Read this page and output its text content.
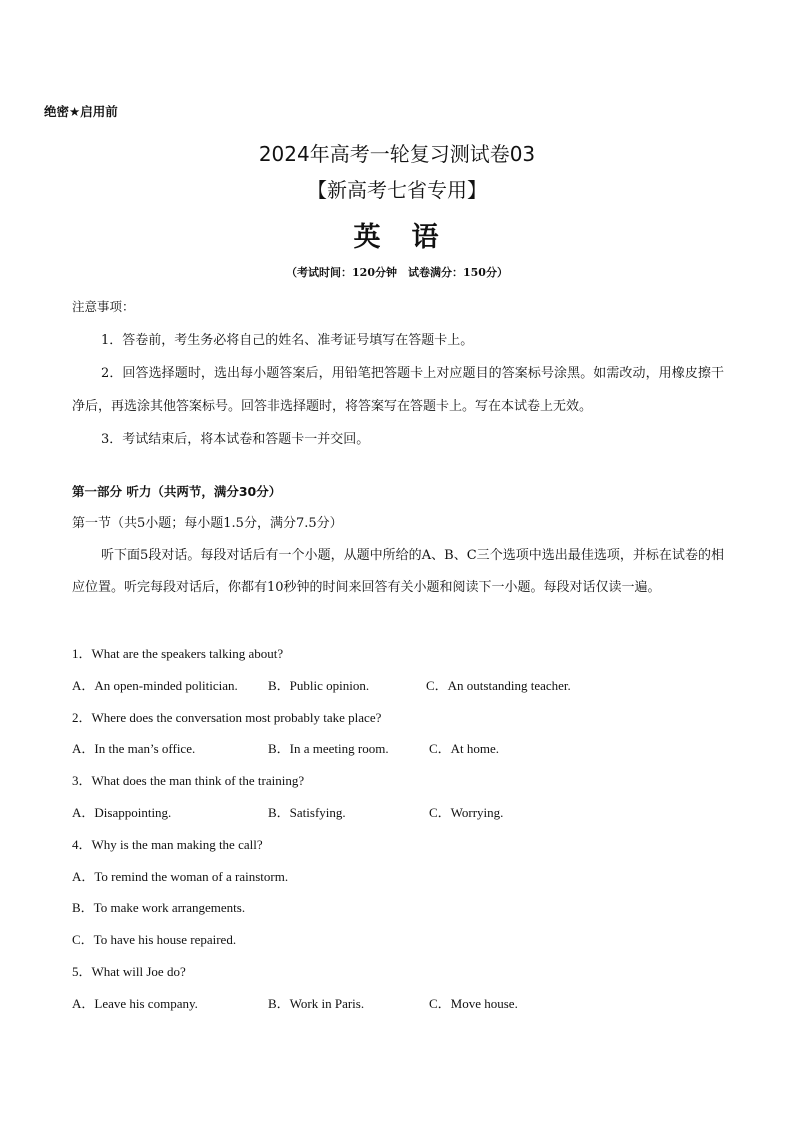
绝密★启用前
2024年高考一轮复习测试卷03
【新高考七省专用】
英　语
（考试时间：120分钟　试卷满分：150分）
注意事项：
1．答卷前，考生务必将自己的姓名、准考证号填写在答题卡上。
2．回答选择题时，选出每小题答案后，用铅笔把答题卡上对应题目的答案标号涂黑。如需改动，用橡皮擦干净后，再选涂其他答案标号。回答非选择题时，将答案写在答题卡上。写在本试卷上无效。
3．考试结束后，将本试卷和答题卡一并交回。
第一部分 听力（共两节，满分30分）
第一节（共5小题；每小题1.5分，满分7.5分）
听下面5段对话。每段对话后有一个小题，从题中所给的A、B、C三个选项中选出最佳选项，并标在试卷的相应位置。听完每段对话后，你都有10秒钟的时间来回答有关小题和阅读下一小题。每段对话仅读一遍。
1．What are the speakers talking about?
A．An open-minded politician. B．Public opinion.	C．An outstanding teacher.
2．Where does the conversation most probably take place?
A．In the man’s office.	B．In a meeting room.	C．At home.
3．What does the man think of the training?
A．Disappointing.	B．Satisfying.	C．Worrying.
4．Why is the man making the call?
A．To remind the woman of a rainstorm.
B．To make work arrangements.
C．To have his house repaired.
5．What will Joe do?
A．Leave his company.	B．Work in Paris.	C．Move house.
